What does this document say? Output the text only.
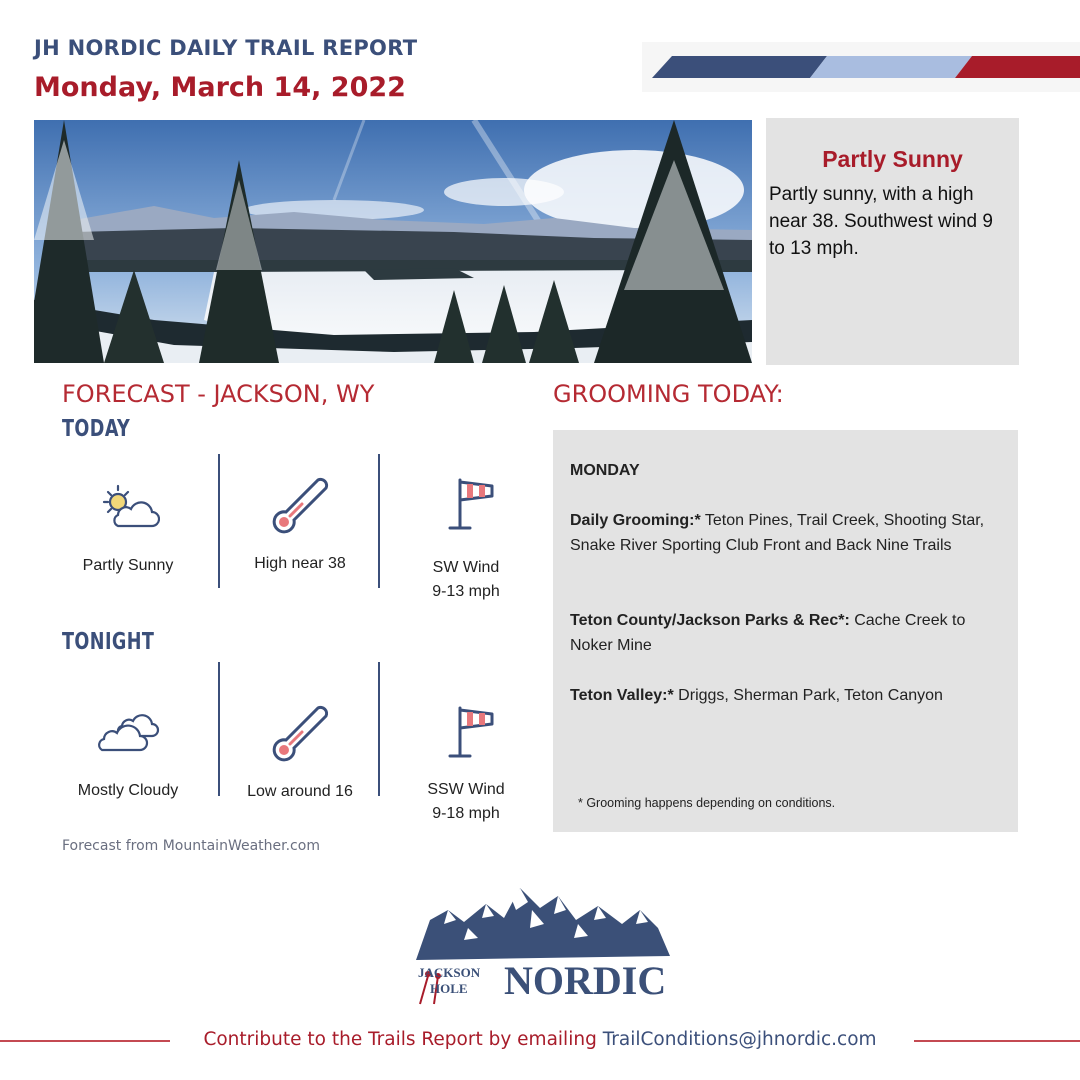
JH NORDIC DAILY TRAIL REPORT
Monday, March 14, 2022
Partly Sunny
Partly sunny, with a high near 38. Southwest wind 9 to 13 mph.
FORECAST - JACKSON, WY
TODAY
Partly Sunny	High near 38	SW Wind
9-13 mph
TONIGHT
Mostly Cloudy	Low around 16	SSW Wind
9-18 mph
Forecast from MountainWeather.com
GROOMING TODAY:
MONDAY
Daily Grooming:* Teton Pines, Trail Creek, Shooting Star, Snake River Sporting Club Front and Back Nine Trails
Teton County/Jackson Parks & Rec*: Cache Creek to Noker Mine
Teton Valley:* Driggs, Sherman Park, Teton Canyon
* Grooming happens depending on conditions.
JACKSON
HOLE NORDIC
Contribute to the Trails Report by emailing TrailConditions@jhnordic.com
